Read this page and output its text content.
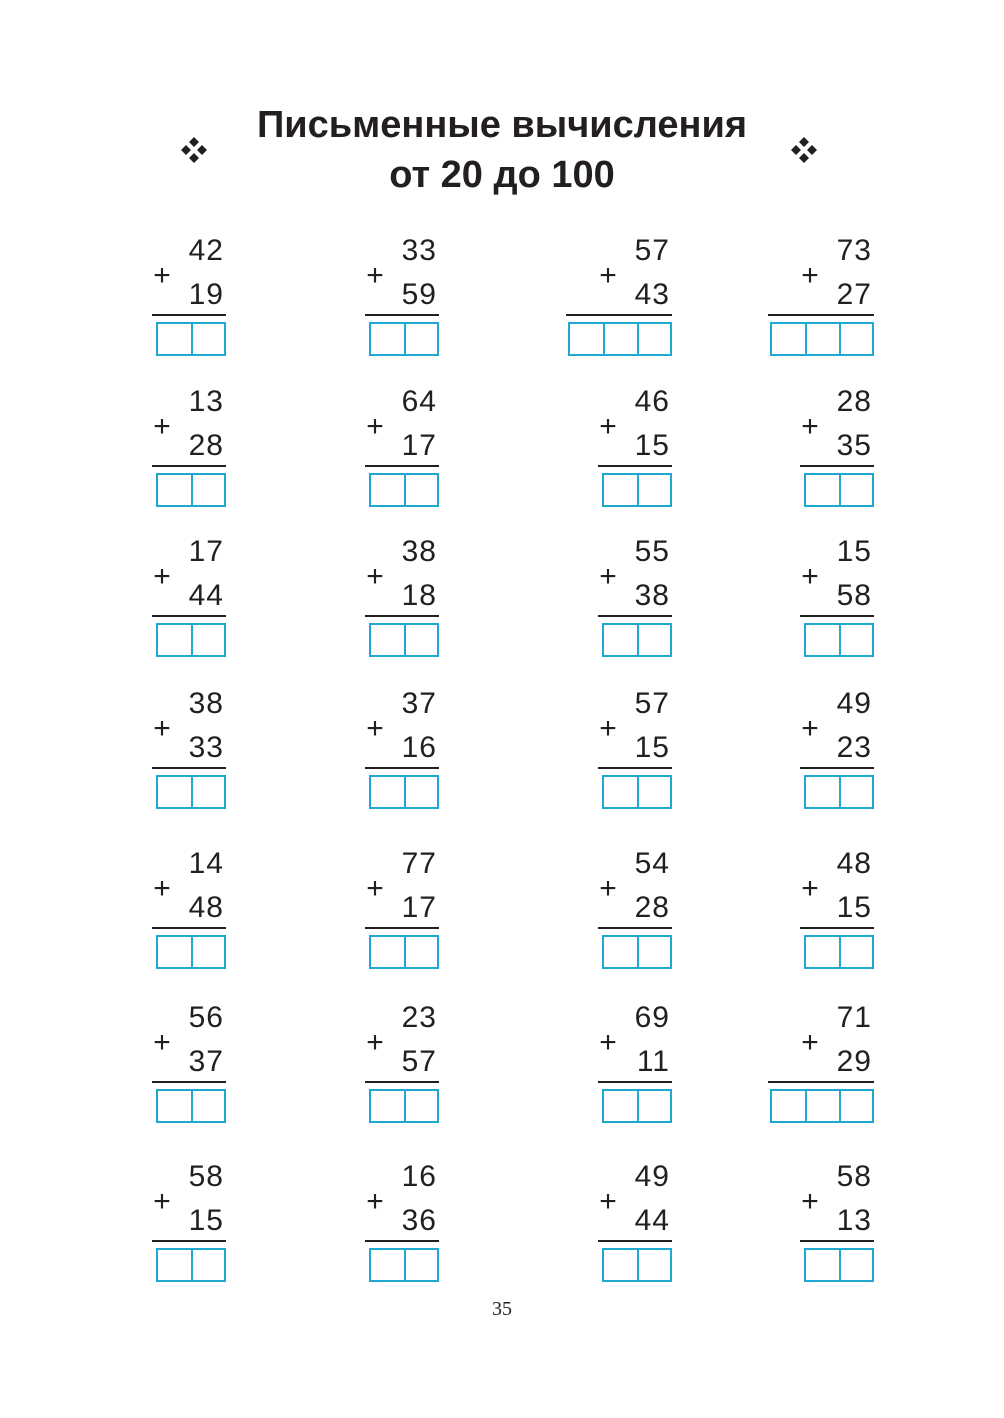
Письменные вычисления
от 20 до 100
+
42
19
+
33
59
+
57
43
+
73
27
+
13
28
+
64
17
+
46
15
+
28
35
+
17
44
+
38
18
+
55
38
+
15
58
+
38
33
+
37
16
+
57
15
+
49
23
+
14
48
+
77
17
+
54
28
+
48
15
+
56
37
+
23
57
+
69
11
+
71
29
+
58
15
+
16
36
+
49
44
+
58
13
35
